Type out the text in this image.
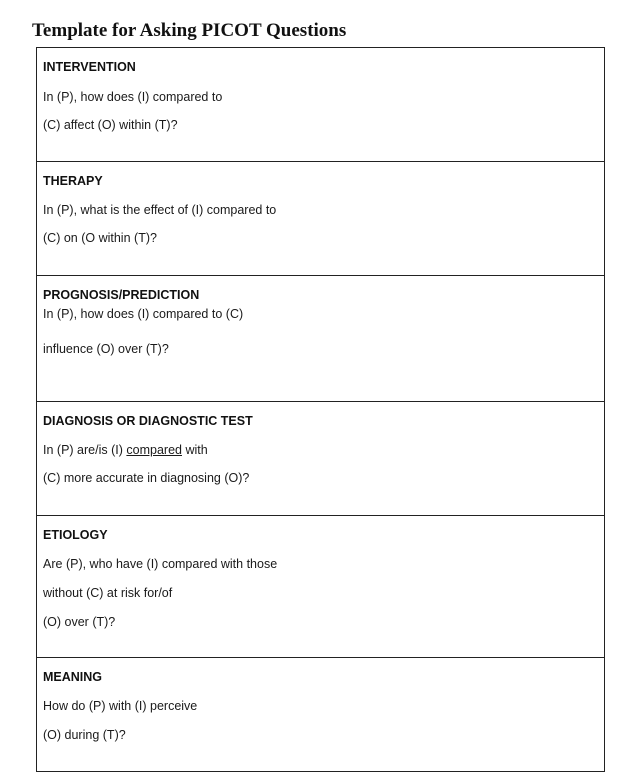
Template for Asking PICOT Questions
INTERVENTION
In (P), how does (I) compared to
(C) affect (O) within (T)?
THERAPY
In (P), what is the effect of (I) compared to
(C) on (O within (T)?
PROGNOSIS/PREDICTION
In (P), how does (I) compared to (C)
influence (O) over (T)?
DIAGNOSIS OR DIAGNOSTIC TEST
In (P) are/is (I) compared with
(C) more accurate in diagnosing (O)?
ETIOLOGY
Are (P), who have (I) compared with those
without (C) at risk for/of
(O) over (T)?
MEANING
How do (P) with (I) perceive
(O) during (T)?
